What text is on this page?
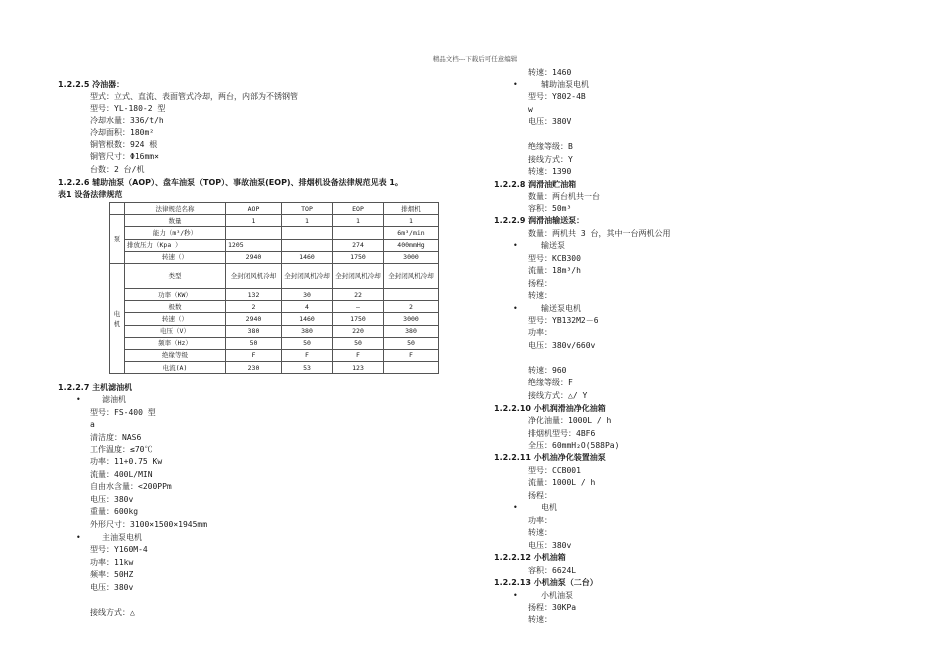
精品文档---下载后可任意编辑
1.2.2.5 冷油器：
型式：立式、直流、表面管式冷却，两台，内部为不锈钢管
型号：YL-180-2 型
冷却水量：336/t/h
冷却面积：180m²
铜管根数：924 根
铜管尺寸：Φ16mm×
台数：2 台/机
1.2.2.6 辅助油泵（AOP）、盘车油泵（TOP）、事故油泵(EOP)、排烟机设备法律规范见表 1。
表1 设备法律规范
	法律规范名称	AOP	TOP	EOP	排烟机
泵	数量	1	1	1	1
	能力（m³/秒）				6m³/min
	排放压力（Kpa ）	1205		274	400mmHg
	转速（）	2940	1460	1750	3000
电机	类型	全封闭风机冷却	全封闭风机冷却	全封闭风机冷却	全封闭风机冷却
	功率（KW）	132	30	22	
	极数	2	4	—	2
	转速（）	2940	1460	1750	3000
	电压（V）	380	380	220	380
	频率（Hz）	50	50	50	50
	绝缘等级	F	F	F	F
	电流(A)	230	53	123	
1.2.2.7 主机滤油机
•	滤油机
型号：FS-400 型
a
清洁度：NAS6
工作温度：≤70℃
功率：11+0.75 Kw
流量：400L/MIN
自由水含量：<200PPm
电压：380v
重量：600kg
外形尺寸：3100×1500×1945mm
•	主油泵电机
型号：Y160M-4
功率：11kw
频率：50HZ
电压：380v
接线方式：△
转速：1460
•	辅助油泵电机
型号：Y802-4B
w
电压：380V
绝缘等级：B
接线方式：Y
转速：1390
1.2.2.8 润滑油贮油箱
数量：两台机共一台
容积：50m³
1.2.2.9 润滑油输送泵：
数量：两机共 3 台，其中一台两机公用
•	输送泵
型号：KCB300
流量：18m³/h
扬程：
转速：
•	输送泵电机
型号：YB132M2－6
功率：
电压：380v/660v
转速：960
绝缘等级：F
接线方式：△/ Y
1.2.2.10 小机润滑油净化油箱
净化油量：1000L / h
排烟机型号：4BF6
全压：60mmH₂O(588Pa)
1.2.2.11 小机油净化装置油泵
型号：CCB001
流量：1000L / h
扬程：
•	电机
功率：
转速：
电压：380v
1.2.2.12 小机油箱
容积：6624L
1.2.2.13 小机油泵（二台）
•	小机油泵
扬程：30KPa
转速：
